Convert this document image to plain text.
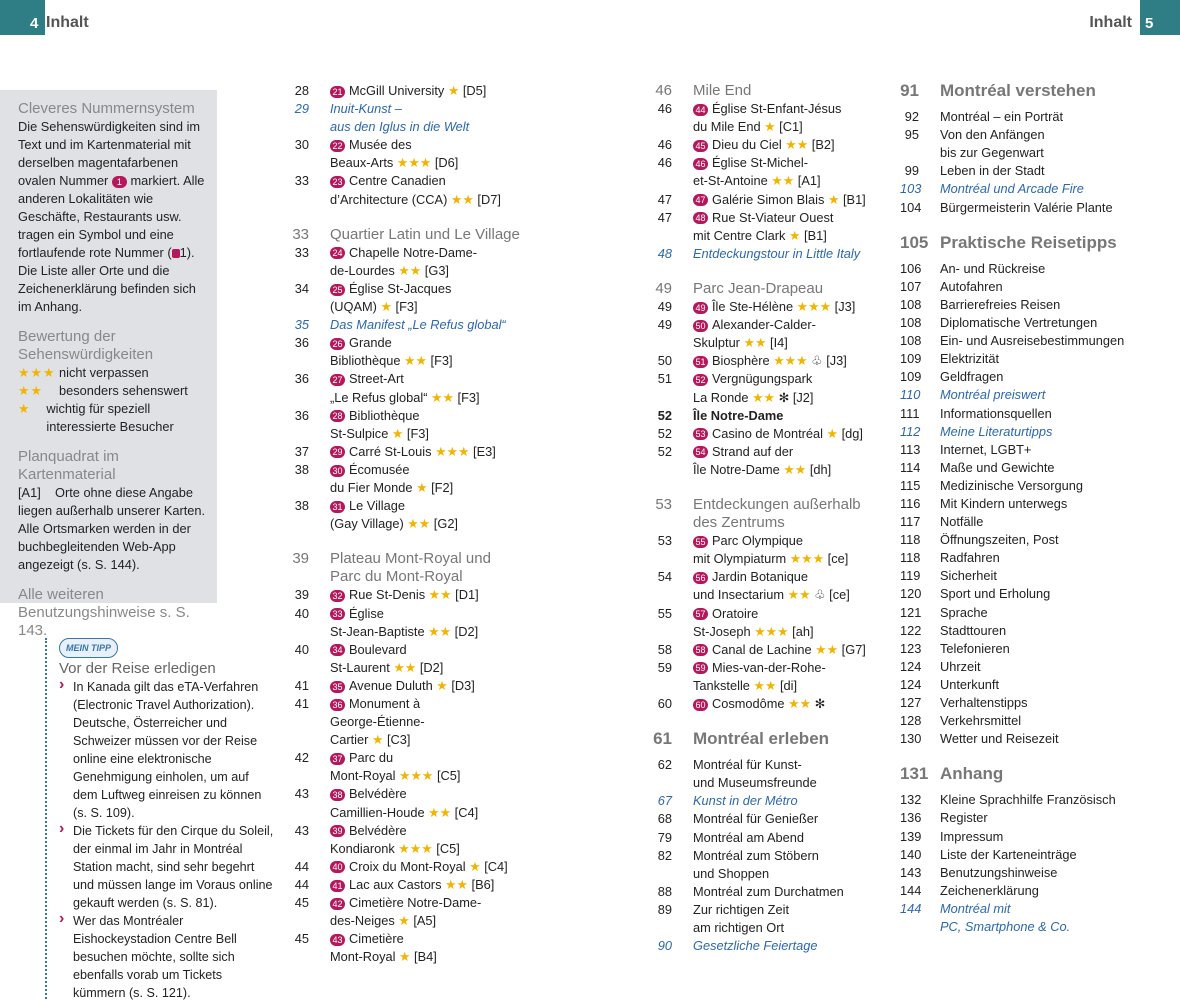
4 Inhalt	Inhalt 5
Cleveres Nummernsystem
Die Sehenswürdigkeiten sind im Text und im Kartenmaterial mit derselben magentafarbenen ovalen Nummer 1 markiert. Alle anderen Lokalitäten wie Geschäfte, Restaurants usw. tragen ein Symbol und eine fortlaufende rote Nummer ( 1). Die Liste aller Orte und die Zeichenerklärung befinden sich im Anhang.
Bewertung der Sehenswürdigkeiten
★★★ nicht verpassen
★★	besonders sehenswert
★	wichtig für speziell interessierte Besucher
Planquadrat im Kartenmaterial
[A1] Orte ohne diese Angabe liegen außerhalb unserer Karten. Alle Ortsmarken werden in der buchbegleitenden Web-App angezeigt (s. S. 144).
Alle weiteren Benutzungshinweise s. S. 143.
MEIN TIPP
Vor der Reise erledigen
› In Kanada gilt das eTA-Verfahren (Electronic Travel Authorization). Deutsche, Österreicher und Schweizer müssen vor der Reise online eine elektronische Genehmigung einholen, um auf dem Luftweg einreisen zu können (s. S. 109).
› Die Tickets für den Cirque du Soleil, der einmal im Jahr in Montréal Station macht, sind sehr begehrt und müssen lange im Voraus online gekauft werden (s. S. 81).
› Wer das Montréaler Eishockeystadion Centre Bell besuchen möchte, sollte sich ebenfalls vorab um Tickets kümmern (s. S. 121).
28	21 McGill University ★ [D5]
29	Inuit-Kunst –
aus den Iglus in die Welt
30	22 Musée des
Beaux-Arts ★★★ [D6]
33	23 Centre Canadien
d’Architecture (CCA) ★★ [D7]
33	Quartier Latin und Le Village
33	24 Chapelle Notre-Dame-
de-Lourdes ★★ [G3]
34	25 Église St-Jacques
(UQAM) ★ [F3]
35	Das Manifest „Le Refus global“
36	26 Grande
Bibliothèque ★★ [F3]
36	27 Street-Art
„Le Refus global“ ★★ [F3]
36	28 Bibliothèque
St-Sulpice ★ [F3]
37	29 Carré St-Louis ★★★ [E3]
38	30 Écomusée
du Fier Monde ★ [F2]
38	31 Le Village
(Gay Village) ★★ [G2]
39	Plateau Mont-Royal und
Parc du Mont-Royal
39	32 Rue St-Denis ★★ [D1]
40	33 Église
St-Jean-Baptiste ★★ [D2]
40	34 Boulevard
St-Laurent ★★ [D2]
41	35 Avenue Duluth ★ [D3]
41	36 Monument à
George-Étienne-
Cartier ★ [C3]
42	37 Parc du
Mont-Royal ★★★ [C5]
43	38 Belvédère
Camillien-Houde ★★ [C4]
43	39 Belvédère
Kondiaronk ★★★ [C5]
44	40 Croix du Mont-Royal ★ [C4]
44	41 Lac aux Castors ★★ [B6]
45	42 Cimetière Notre-Dame-
des-Neiges ★ [A5]
45	43 Cimetière
Mont-Royal ★ [B4]
46	Mile End
46	44 Église St-Enfant-Jésus
du Mile End ★ [C1]
46	45 Dieu du Ciel ★★ [B2]
46	46 Église St-Michel-
et-St-Antoine ★★ [A1]
47	47 Galérie Simon Blais ★ [B1]
47	48 Rue St-Viateur Ouest
mit Centre Clark ★ [B1]
48	Entdeckungstour in Little Italy
49	Parc Jean-Drapeau
49	49 Île Ste-Hélène ★★★ [J3]
49	50 Alexander-Calder-
Skulptur ★★ [I4]
50	51 Biosphère ★★★ ♧ [J3]
51	52 Vergnügungspark
La Ronde ★★ ✻ [J2]
52	Île Notre-Dame
52	53 Casino de Montréal ★ [dg]
52	54 Strand auf der
Île Notre-Dame ★★ [dh]
53	Entdeckungen außerhalb
des Zentrums
53	55 Parc Olympique
mit Olympiaturm ★★★ [ce]
54	56 Jardin Botanique
und Insectarium ★★ ♧ [ce]
55	57 Oratoire
St-Joseph ★★★ [ah]
58	58 Canal de Lachine ★★ [G7]
59	59 Mies-van-der-Rohe-
Tankstelle ★★ [di]
60	60 Cosmodôme ★★ ✻
61	Montréal erleben
62	Montréal für Kunst-
und Museumsfreunde
67	Kunst in der Métro
68	Montréal für Genießer
79	Montréal am Abend
82	Montréal zum Stöbern
und Shoppen
88	Montréal zum Durchatmen
89	Zur richtigen Zeit
am richtigen Ort
90	Gesetzliche Feiertage
91	Montréal verstehen
92	Montréal – ein Porträt
95	Von den Anfängen
bis zur Gegenwart
99	Leben in der Stadt
103	Montréal und Arcade Fire
104	Bürgermeisterin Valérie Plante
105 Praktische Reisetipps
106	An- und Rückreise
107	Autofahren
108	Barrierefreies Reisen
108	Diplomatische Vertretungen
108	Ein- und Ausreisebestimmungen
109	Elektrizität
109	Geldfragen
110	Montréal preiswert
111	Informationsquellen
112	Meine Literaturtipps
113	Internet, LGBT+
114	Maße und Gewichte
115	Medizinische Versorgung
116	Mit Kindern unterwegs
117	Notfälle
118	Öffnungszeiten, Post
118	Radfahren
119	Sicherheit
120	Sport und Erholung
121	Sprache
122	Stadttouren
123	Telefonieren
124	Uhrzeit
124	Unterkunft
127	Verhaltenstipps
128	Verkehrsmittel
130	Wetter und Reisezeit
131 Anhang
132	Kleine Sprachhilfe Französisch
136	Register
139	Impressum
140	Liste der Karteneinträge
143	Benutzungshinweise
144	Zeichenerklärung
144	Montréal mit
PC, Smartphone & Co.
